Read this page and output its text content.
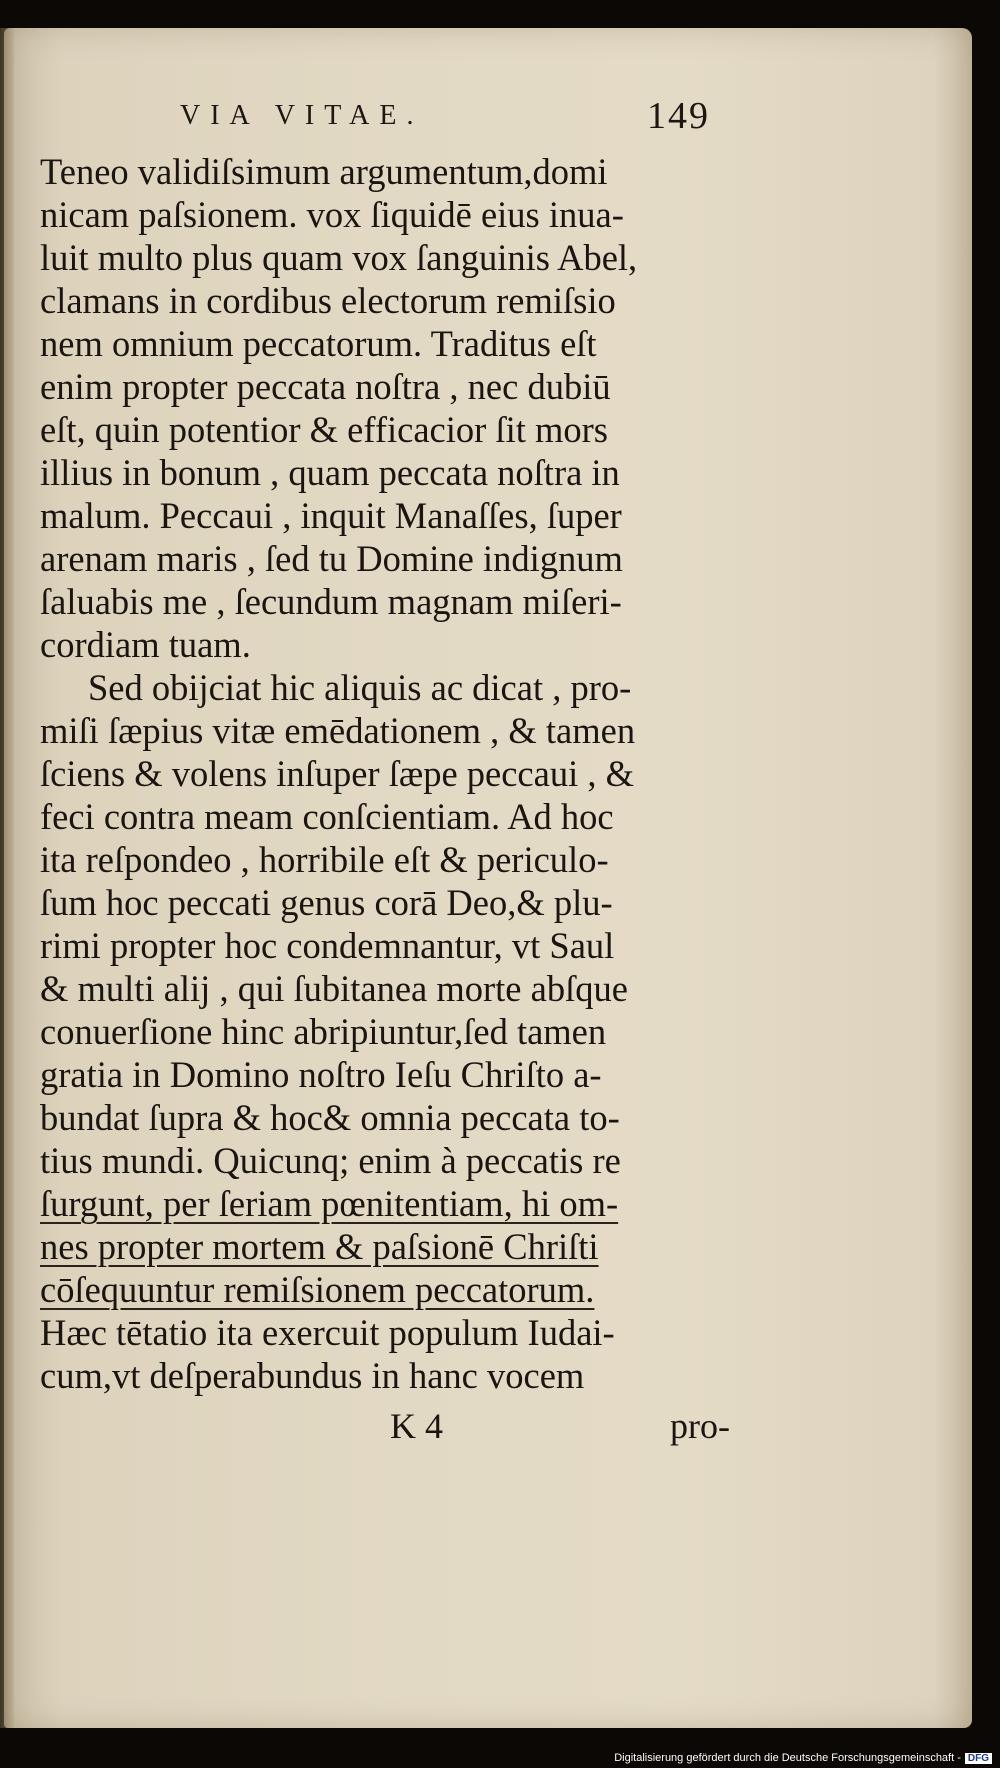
VIA VITAE.	149
Teneo validiſsimum argumentum,domi
nicam paſsionem. vox ſiquidē eius inua-
luit multo plus quam vox ſanguinis Abel,
clamans in cordibus electorum remiſsio
nem omnium peccatorum. Traditus eſt
enim propter peccata noſtra , nec dubiū
eſt, quin potentior & efficacior ſit mors
illius in bonum , quam peccata noſtra in
malum. Peccaui , inquit Manaſſes, ſuper
arenam maris , ſed tu Domine indignum
ſaluabis me , ſecundum magnam miſeri-
cordiam tuam.
Sed obijciat hic aliquis ac dicat , pro-
miſi ſæpius vitæ emēdationem , & tamen
ſciens & volens inſuper ſæpe peccaui , &
feci contra meam conſcientiam. Ad hoc
ita reſpondeo , horribile eſt & periculo-
ſum hoc peccati genus corā Deo,& plu-
rimi propter hoc condemnantur, vt Saul
& multi alij , qui ſubitanea morte abſque
conuerſione hinc abripiuntur,ſed tamen
gratia in Domino noſtro Ieſu Chriſto a-
bundat ſupra & hoc& omnia peccata to-
tius mundi. Quicunq; enim à peccatis re
ſurgunt, per ſeriam pœnitentiam, hi om-
nes propter mortem & paſsionē Chriſti
cōſequuntur remiſsionem peccatorum.
Hæc tētatio ita exercuit populum Iudai-
cum,vt deſperabundus in hanc vocem
K 4	pro-
Digitalisierung gefördert durch die Deutsche Forschungsgemeinschaft - DFG
